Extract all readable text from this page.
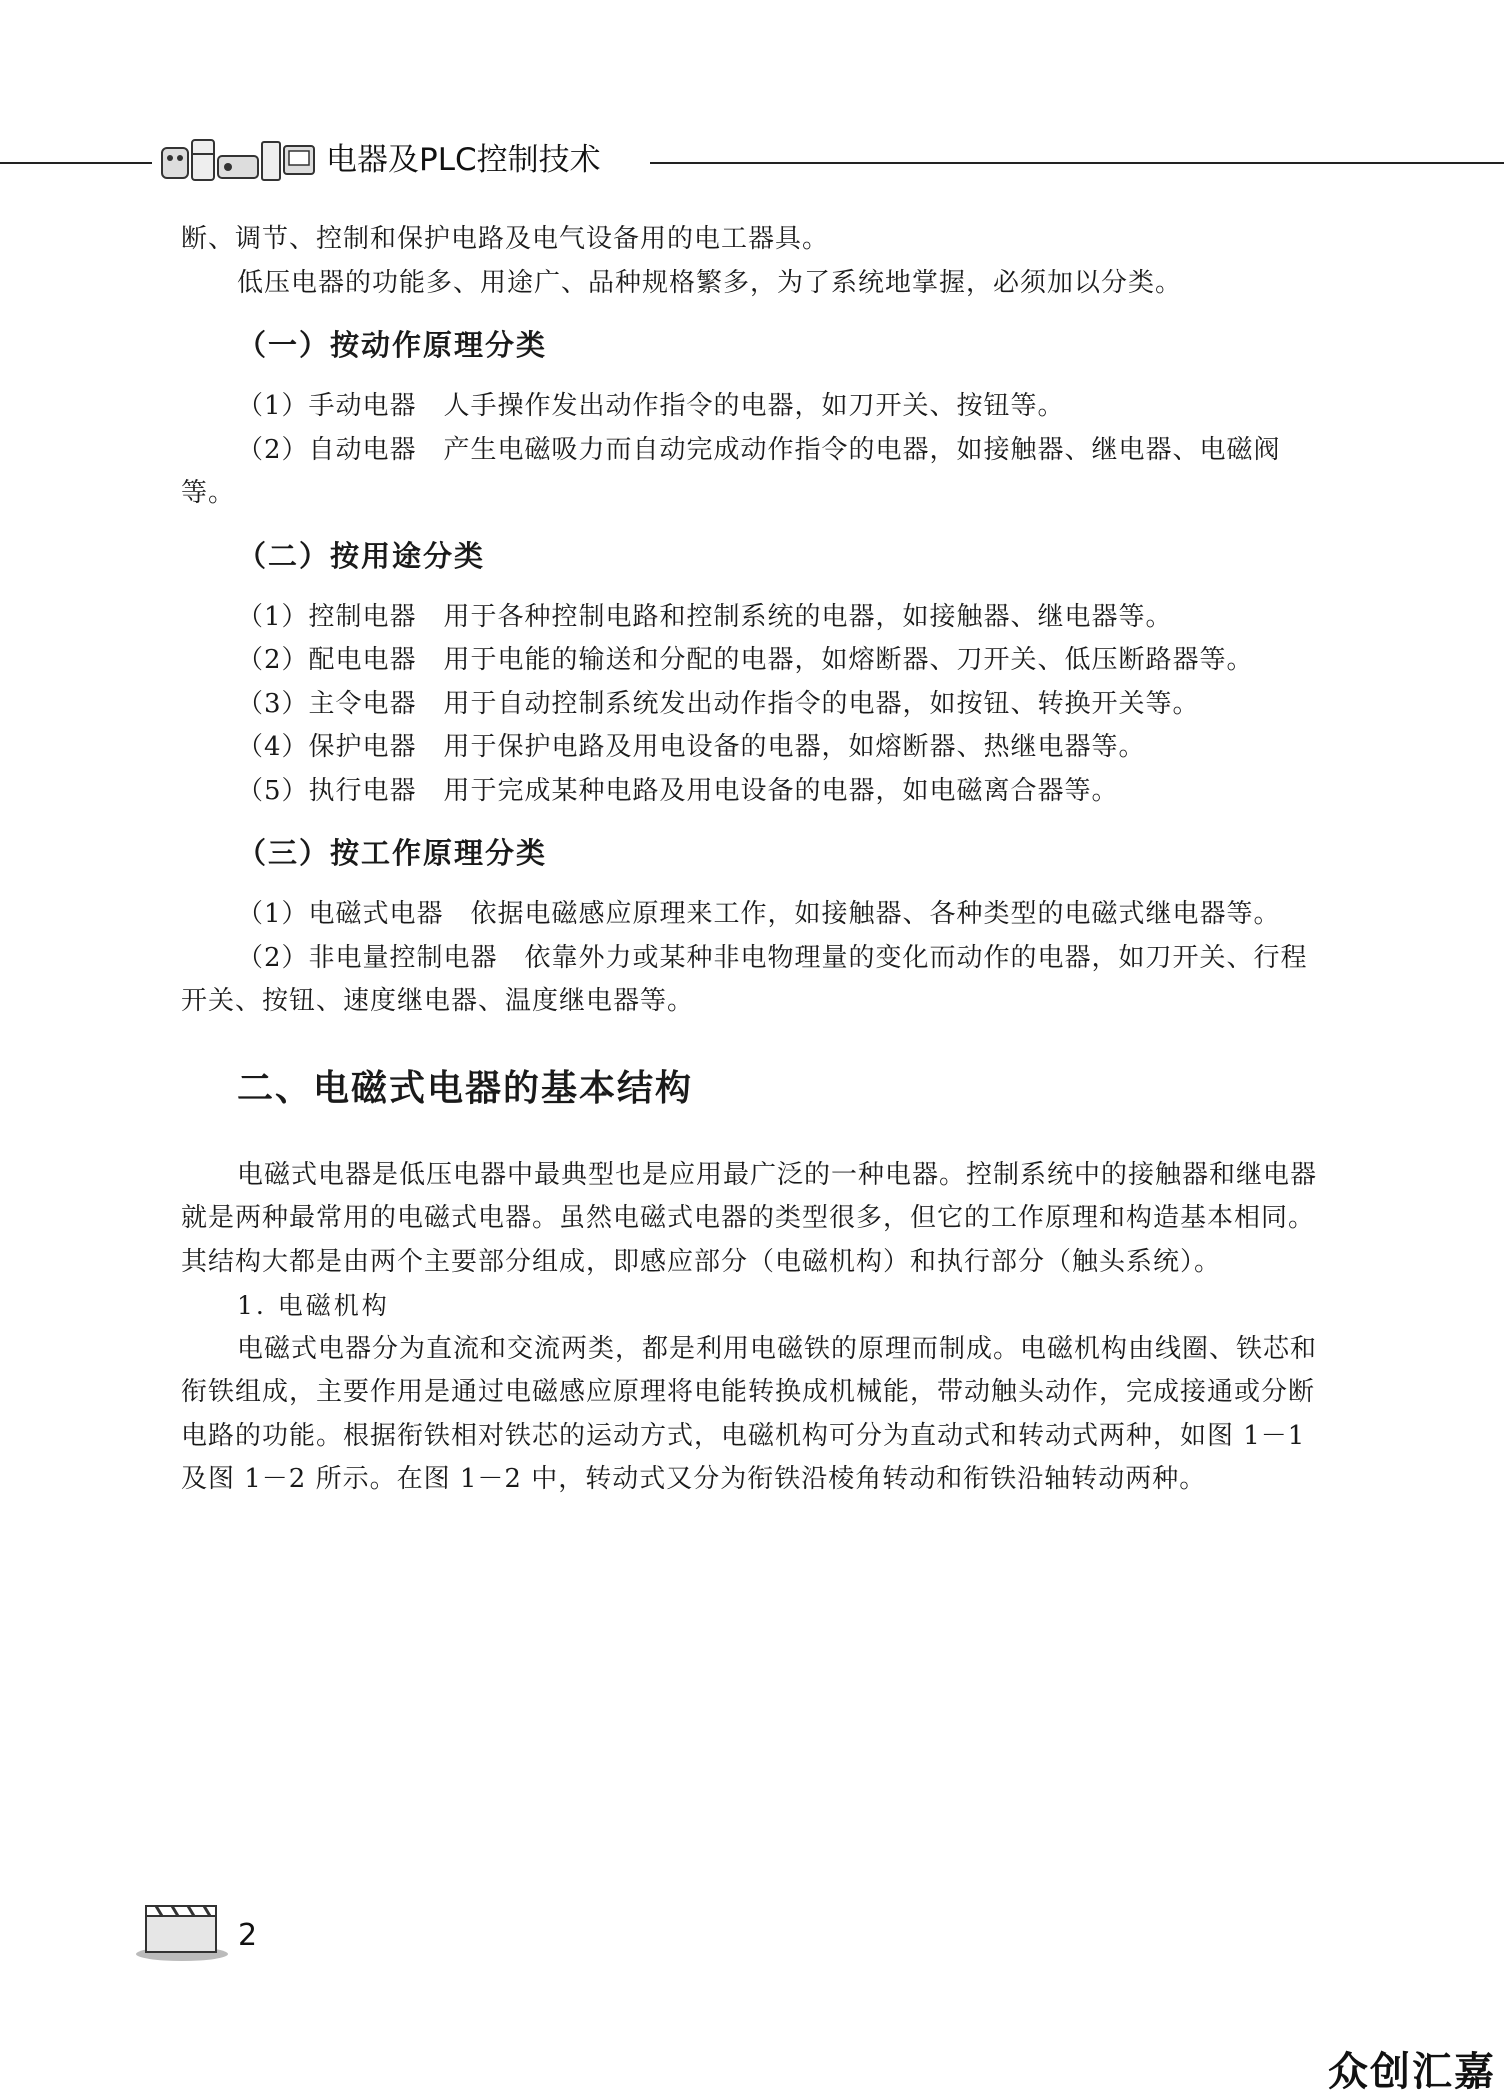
电器及PLC控制技术

断、调节、控制和保护电路及电气设备用的电工器具。

低压电器的功能多、用途广、品种规格繁多，为了系统地掌握，必须加以分类。

（一）按动作原理分类

（1）手动电器　人手操作发出动作指令的电器，如刀开关、按钮等。

（2）自动电器　产生电磁吸力而自动完成动作指令的电器，如接触器、继电器、电磁阀等。

（二）按用途分类

（1）控制电器　用于各种控制电路和控制系统的电器，如接触器、继电器等。

（2）配电电器　用于电能的输送和分配的电器，如熔断器、刀开关、低压断路器等。

（3）主令电器　用于自动控制系统发出动作指令的电器，如按钮、转换开关等。

（4）保护电器　用于保护电路及用电设备的电器，如熔断器、热继电器等。

（5）执行电器　用于完成某种电路及用电设备的电器，如电磁离合器等。

（三）按工作原理分类

（1）电磁式电器　依据电磁感应原理来工作，如接触器、各种类型的电磁式继电器等。

（2）非电量控制电器　依靠外力或某种非电物理量的变化而动作的电器，如刀开关、行程开关、按钮、速度继电器、温度继电器等。

二、电磁式电器的基本结构

电磁式电器是低压电器中最典型也是应用最广泛的一种电器。控制系统中的接触器和继电器就是两种最常用的电磁式电器。虽然电磁式电器的类型很多，但它的工作原理和构造基本相同。其结构大都是由两个主要部分组成，即感应部分（电磁机构）和执行部分（触头系统）。

1. 电磁机构

电磁式电器分为直流和交流两类，都是利用电磁铁的原理而制成。电磁机构由线圈、铁芯和衔铁组成，主要作用是通过电磁感应原理将电能转换成机械能，带动触头动作，完成接通或分断电路的功能。根据衔铁相对铁芯的运动方式，电磁机构可分为直动式和转动式两种，如图 1－1 及图 1－2 所示。在图 1－2 中，转动式又分为衔铁沿棱角转动和衔铁沿轴转动两种。

2
众创汇嘉
